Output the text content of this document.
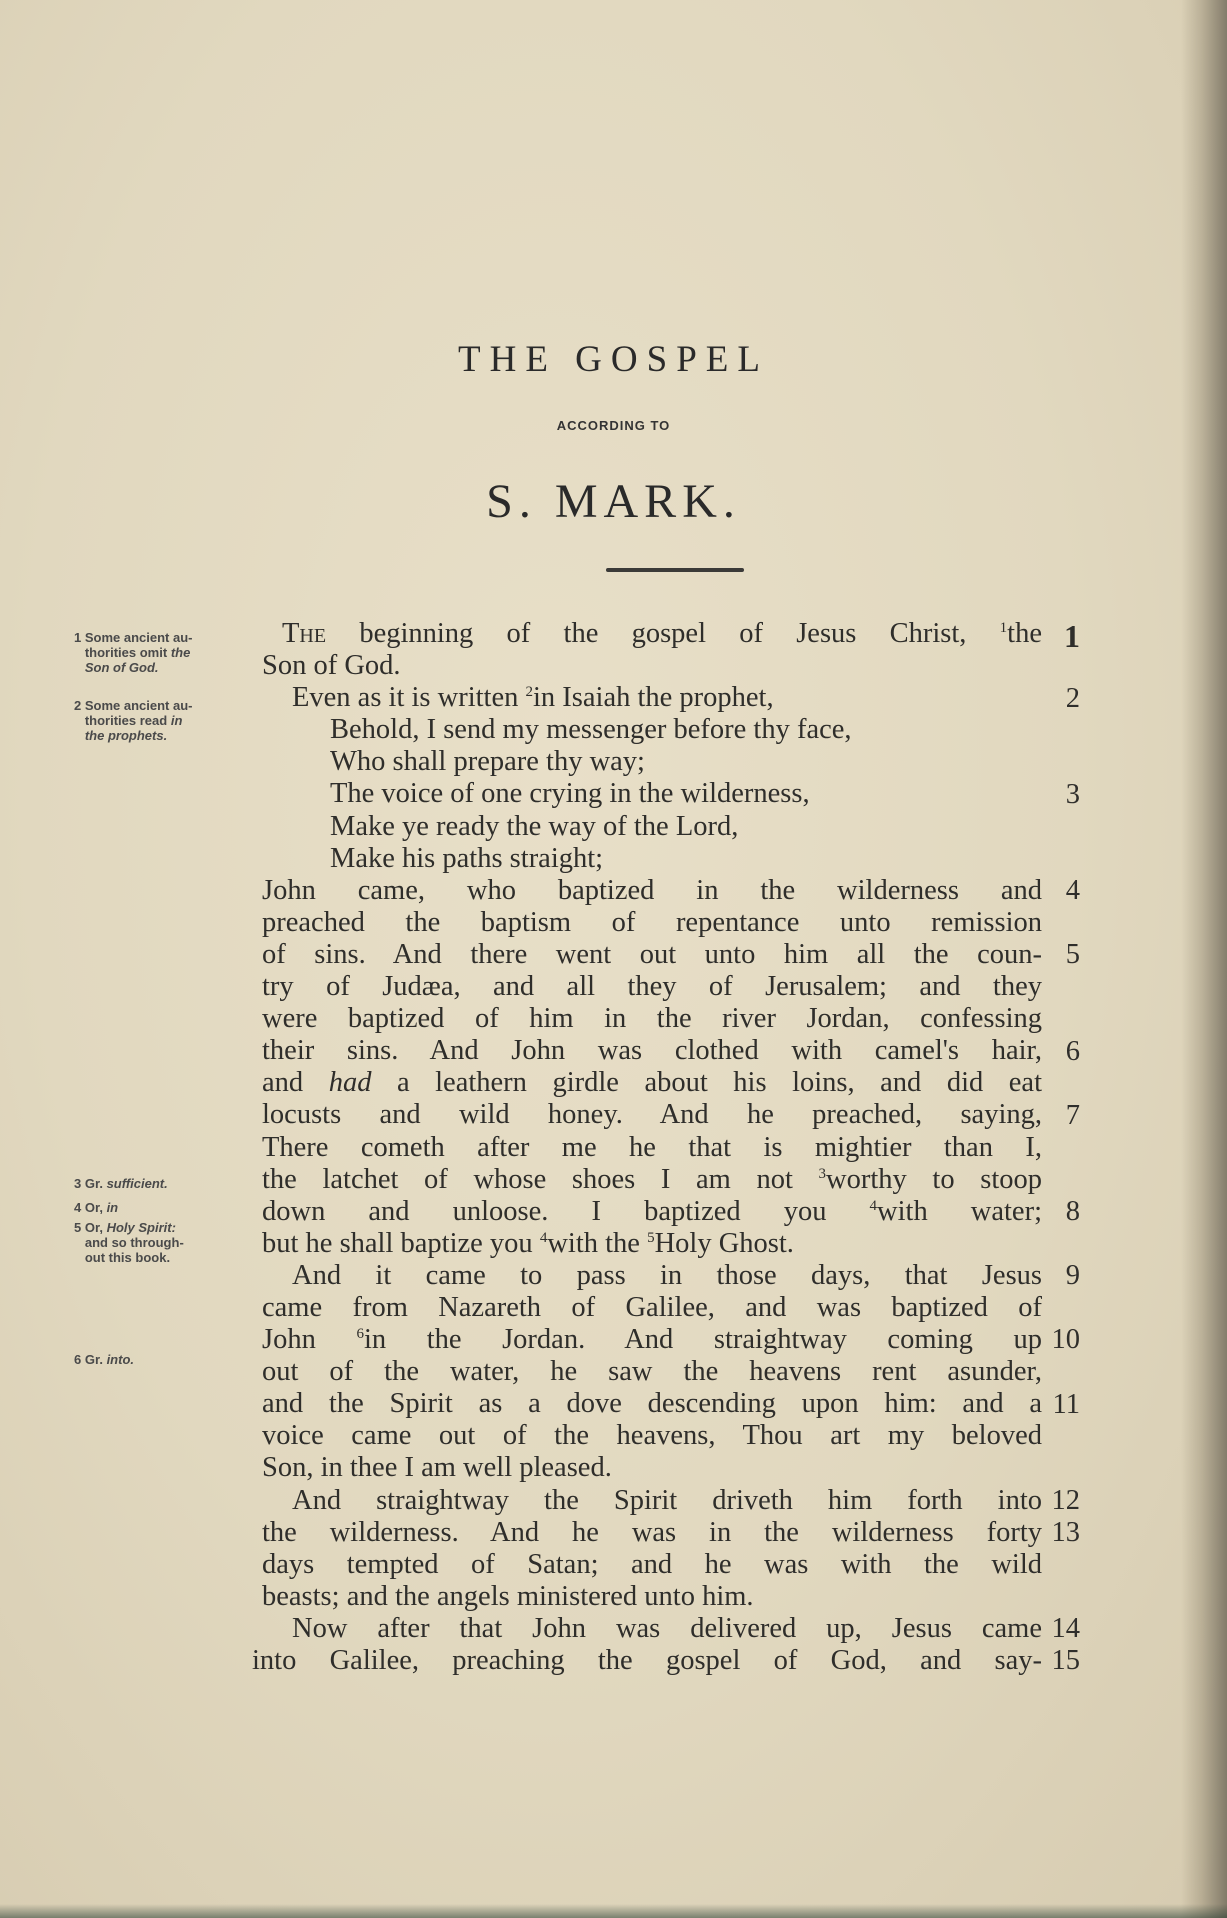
THE GOSPEL
ACCORDING TO
S. MARK.
1 Some ancient au-
thorities omit the
Son of God.
2 Some ancient au-
thorities read in
the prophets.
3 Gr. sufficient.
4 Or, in
5 Or, Holy Spirit:
and so through-
out this book.
6 Gr. into.
The beginning of the gospel of Jesus Christ, $^1$the
Son of God.
Even as it is written $^2$in Isaiah the prophet,
Behold, I send my messenger before thy face,
Who shall prepare thy way;
The voice of one crying in the wilderness,
Make ye ready the way of the Lord,
Make his paths straight;
John came, who baptized in the wilderness and
preached the baptism of repentance unto remission
of sins. And there went out unto him all the coun-
try of Judæa, and all they of Jerusalem; and they
were baptized of him in the river Jordan, confessing
their sins. And John was clothed with camel's hair,
and had a leathern girdle about his loins, and did eat
locusts and wild honey. And he preached, saying,
There cometh after me he that is mightier than I,
the latchet of whose shoes I am not $^3$worthy to stoop
down and unloose. I baptized you $^4$with water;
but he shall baptize you $^4$with the $^5$Holy Ghost.
And it came to pass in those days, that Jesus
came from Nazareth of Galilee, and was baptized of
John $^6$in the Jordan. And straightway coming up
out of the water, he saw the heavens rent asunder,
and the Spirit as a dove descending upon him: and a
voice came out of the heavens, Thou art my beloved
Son, in thee I am well pleased.
And straightway the Spirit driveth him forth into
the wilderness. And he was in the wilderness forty
days tempted of Satan; and he was with the wild
beasts; and the angels ministered unto him.
Now after that John was delivered up, Jesus came
into Galilee, preaching the gospel of God, and say-
1
2
3
4
5
6
7
8
9
10
11
12
13
14
15
